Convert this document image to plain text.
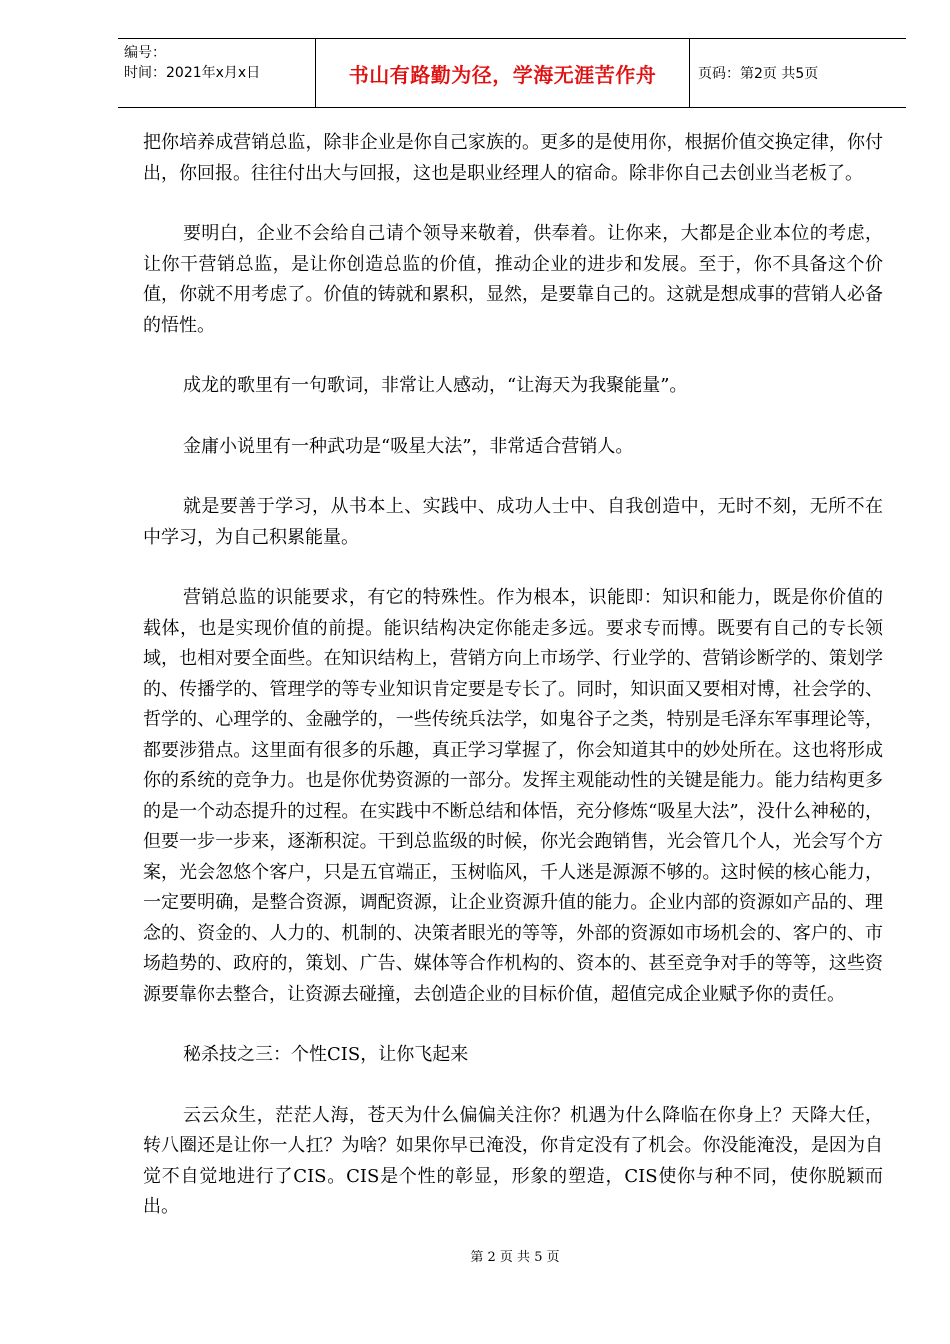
编号：
时间：2021年x月x日	书山有路勤为径，学海无涯苦作舟	页码：第2页 共5页

把你培养成营销总监，除非企业是你自己家族的。更多的是使用你，根据价值交换定律，你付出，你回报。往往付出大与回报，这也是职业经理人的宿命。除非你自己去创业当老板了。

要明白，企业不会给自己请个领导来敬着，供奉着。让你来，大都是企业本位的考虑，让你干营销总监，是让你创造总监的价值，推动企业的进步和发展。至于，你不具备这个价值，你就不用考虑了。价值的铸就和累积，显然，是要靠自己的。这就是想成事的营销人必备的悟性。

成龙的歌里有一句歌词，非常让人感动，“让海天为我聚能量”。

金庸小说里有一种武功是“吸星大法”，非常适合营销人。

就是要善于学习，从书本上、实践中、成功人士中、自我创造中，无时不刻，无所不在中学习，为自己积累能量。

营销总监的识能要求，有它的特殊性。作为根本，识能即：知识和能力，既是你价值的载体，也是实现价值的前提。能识结构决定你能走多远。要求专而博。既要有自己的专长领域，也相对要全面些。在知识结构上，营销方向上市场学、行业学的、营销诊断学的、策划学的、传播学的、管理学的等专业知识肯定要是专长了。同时，知识面又要相对博，社会学的、哲学的、心理学的、金融学的，一些传统兵法学，如鬼谷子之类，特别是毛泽东军事理论等，都要涉猎点。这里面有很多的乐趣，真正学习掌握了，你会知道其中的妙处所在。这也将形成你的系统的竞争力。也是你优势资源的一部分。发挥主观能动性的关键是能力。能力结构更多的是一个动态提升的过程。在实践中不断总结和体悟，充分修炼“吸星大法”，没什么神秘的，但要一步一步来，逐渐积淀。干到总监级的时候，你光会跑销售，光会管几个人，光会写个方案，光会忽悠个客户，只是五官端正，玉树临风，千人迷是源源不够的。这时候的核心能力，一定要明确，是整合资源，调配资源，让企业资源升值的能力。企业内部的资源如产品的、理念的、资金的、人力的、机制的、决策者眼光的等等，外部的资源如市场机会的、客户的、市场趋势的、政府的，策划、广告、媒体等合作机构的、资本的、甚至竞争对手的等等，这些资源要靠你去整合，让资源去碰撞，去创造企业的目标价值，超值完成企业赋予你的责任。

秘杀技之三：个性CIS，让你飞起来

云云众生，茫茫人海，苍天为什么偏偏关注你？机遇为什么降临在你身上？天降大任，转八圈还是让你一人扛？为啥？如果你早已淹没，你肯定没有了机会。你没能淹没，是因为自觉不自觉地进行了CIS。CIS是个性的彰显，形象的塑造，CIS使你与种不同，使你脱颖而出。

第 2 页 共 5 页
